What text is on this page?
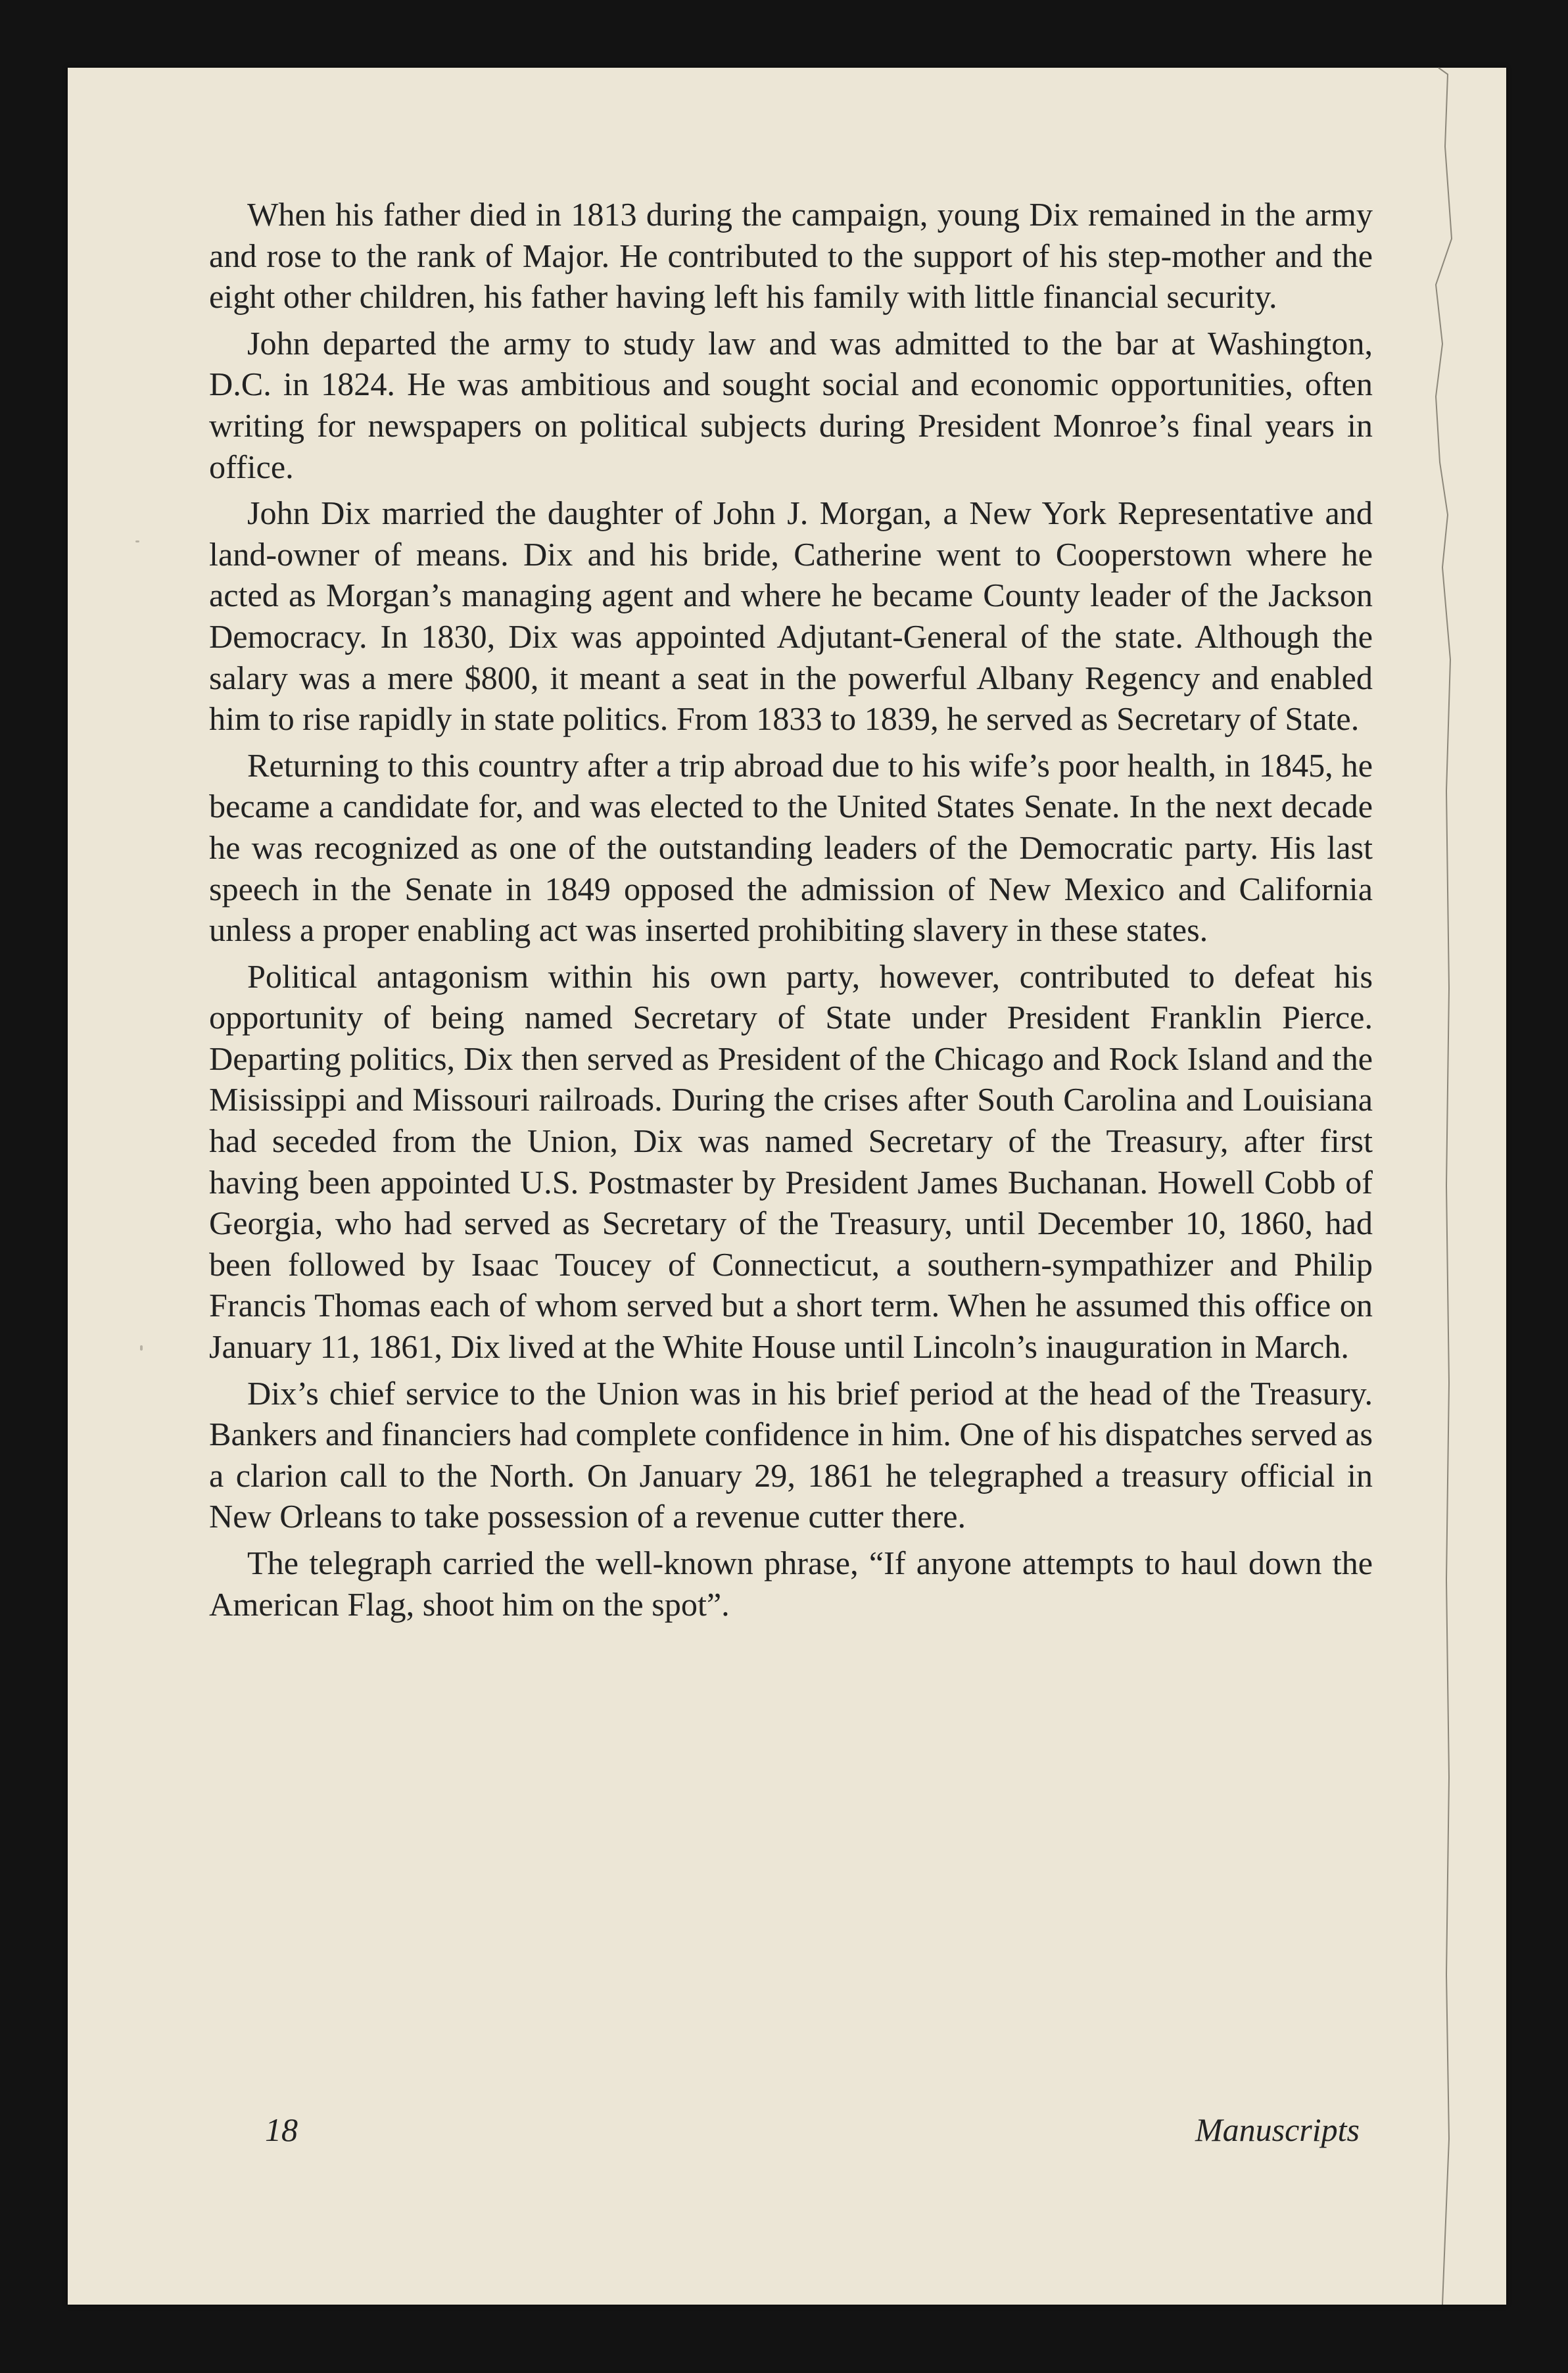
When his father died in 1813 during the campaign, young Dix remained in the army and rose to the rank of Major. He contributed to the support of his step-mother and the eight other children, his father having left his family with little financial security.

John departed the army to study law and was admitted to the bar at Washington, D.C. in 1824. He was ambitious and sought social and economic opportunities, often writing for newspapers on political subjects during President Monroe’s final years in office.

John Dix married the daughter of John J. Morgan, a New York Representative and land-owner of means. Dix and his bride, Catherine went to Cooperstown where he acted as Morgan’s managing agent and where he became County leader of the Jackson Democracy. In 1830, Dix was appointed Adjutant-General of the state. Although the salary was a mere $800, it meant a seat in the powerful Albany Regency and enabled him to rise rapidly in state politics. From 1833 to 1839, he served as Secretary of State.

Returning to this country after a trip abroad due to his wife’s poor health, in 1845, he became a candidate for, and was elected to the United States Senate. In the next decade he was recognized as one of the outstanding leaders of the Democratic party. His last speech in the Senate in 1849 opposed the admission of New Mexico and California unless a proper enabling act was inserted prohibiting slavery in these states.

Political antagonism within his own party, however, contributed to defeat his opportunity of being named Secretary of State under President Franklin Pierce. Departing politics, Dix then served as President of the Chicago and Rock Island and the Misissippi and Missouri railroads. During the crises after South Carolina and Louisiana had seceded from the Union, Dix was named Secretary of the Treasury, after first having been appointed U.S. Postmaster by President James Buchanan. Howell Cobb of Georgia, who had served as Secretary of the Treasury, until December 10, 1860, had been followed by Isaac Toucey of Connecticut, a southern-sympathizer and Philip Francis Thomas each of whom served but a short term. When he assumed this office on January 11, 1861, Dix lived at the White House until Lincoln’s inauguration in March.

Dix’s chief service to the Union was in his brief period at the head of the Treasury. Bankers and financiers had complete confidence in him. One of his dispatches served as a clarion call to the North. On January 29, 1861 he telegraphed a treasury official in New Orleans to take possession of a revenue cutter there.

The telegraph carried the well-known phrase, “If anyone attempts to haul down the American Flag, shoot him on the spot”.

18	Manuscripts
